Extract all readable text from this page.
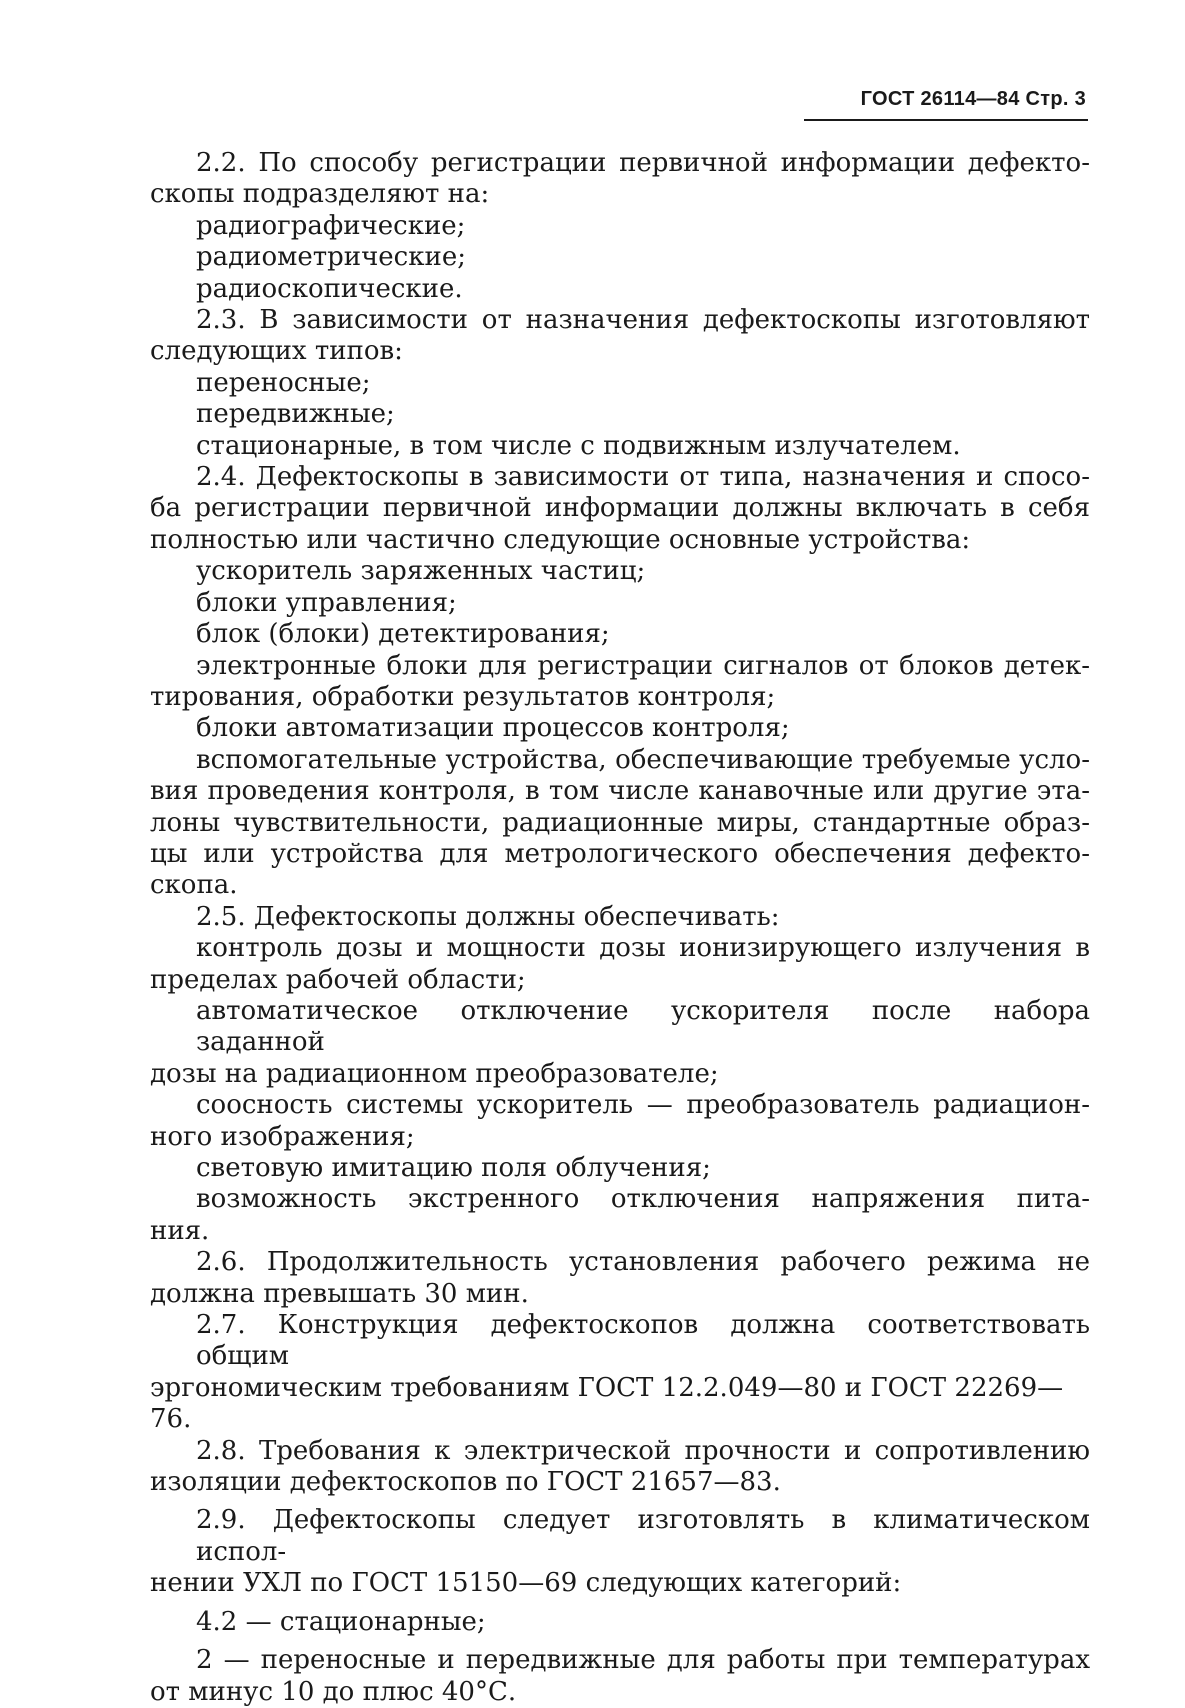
ГОСТ 26114—84 Стр. 3

2.2. По способу регистрации первичной информации дефекто-

скопы подразделяют на:

радиографические;

радиометрические;

радиоскопические.

2.3. В зависимости от назначения дефектоскопы изготовляют

следующих типов:

переносные;

передвижные;

стационарные, в том числе с подвижным излучателем.

2.4. Дефектоскопы в зависимости от типа, назначения и спосо-

ба регистрации первичной информации должны включать в себя

полностью или частично следующие основные устройства:

ускоритель заряженных частиц;

блоки управления;

блок (блоки) детектирования;

электронные блоки для регистрации сигналов от блоков детек-

тирования, обработки результатов контроля;

блоки автоматизации процессов контроля;

вспомогательные устройства, обеспечивающие требуемые усло-

вия проведения контроля, в том числе канавочные или другие эта-

лоны чувствительности, радиационные миры, стандартные образ-

цы или устройства для метрологического обеспечения дефекто-

скопа.

2.5. Дефектоскопы должны обеспечивать:

контроль дозы и мощности дозы ионизирующего излучения в

пределах рабочей области;

автоматическое отключение ускорителя после набора заданной

дозы на радиационном преобразователе;

соосность системы ускоритель — преобразователь радиацион-

ного изображения;

световую имитацию поля облучения;

возможность экстренного отключения напряжения пита-

ния.

2.6. Продолжительность установления рабочего режима не

должна превышать 30 мин.

2.7. Конструкция дефектоскопов должна соответствовать общим

эргономическим требованиям ГОСТ 12.2.049—80 и ГОСТ 22269—76.

2.8. Требования к электрической прочности и сопротивлению

изоляции дефектоскопов по ГОСТ 21657—83.

2.9. Дефектоскопы следует изготовлять в климатическом испол-

нении УХЛ по ГОСТ 15150—69 следующих категорий:

4.2 — стационарные;

2 — переносные и передвижные для работы при температурах

от минус 10 до плюс 40°С.
